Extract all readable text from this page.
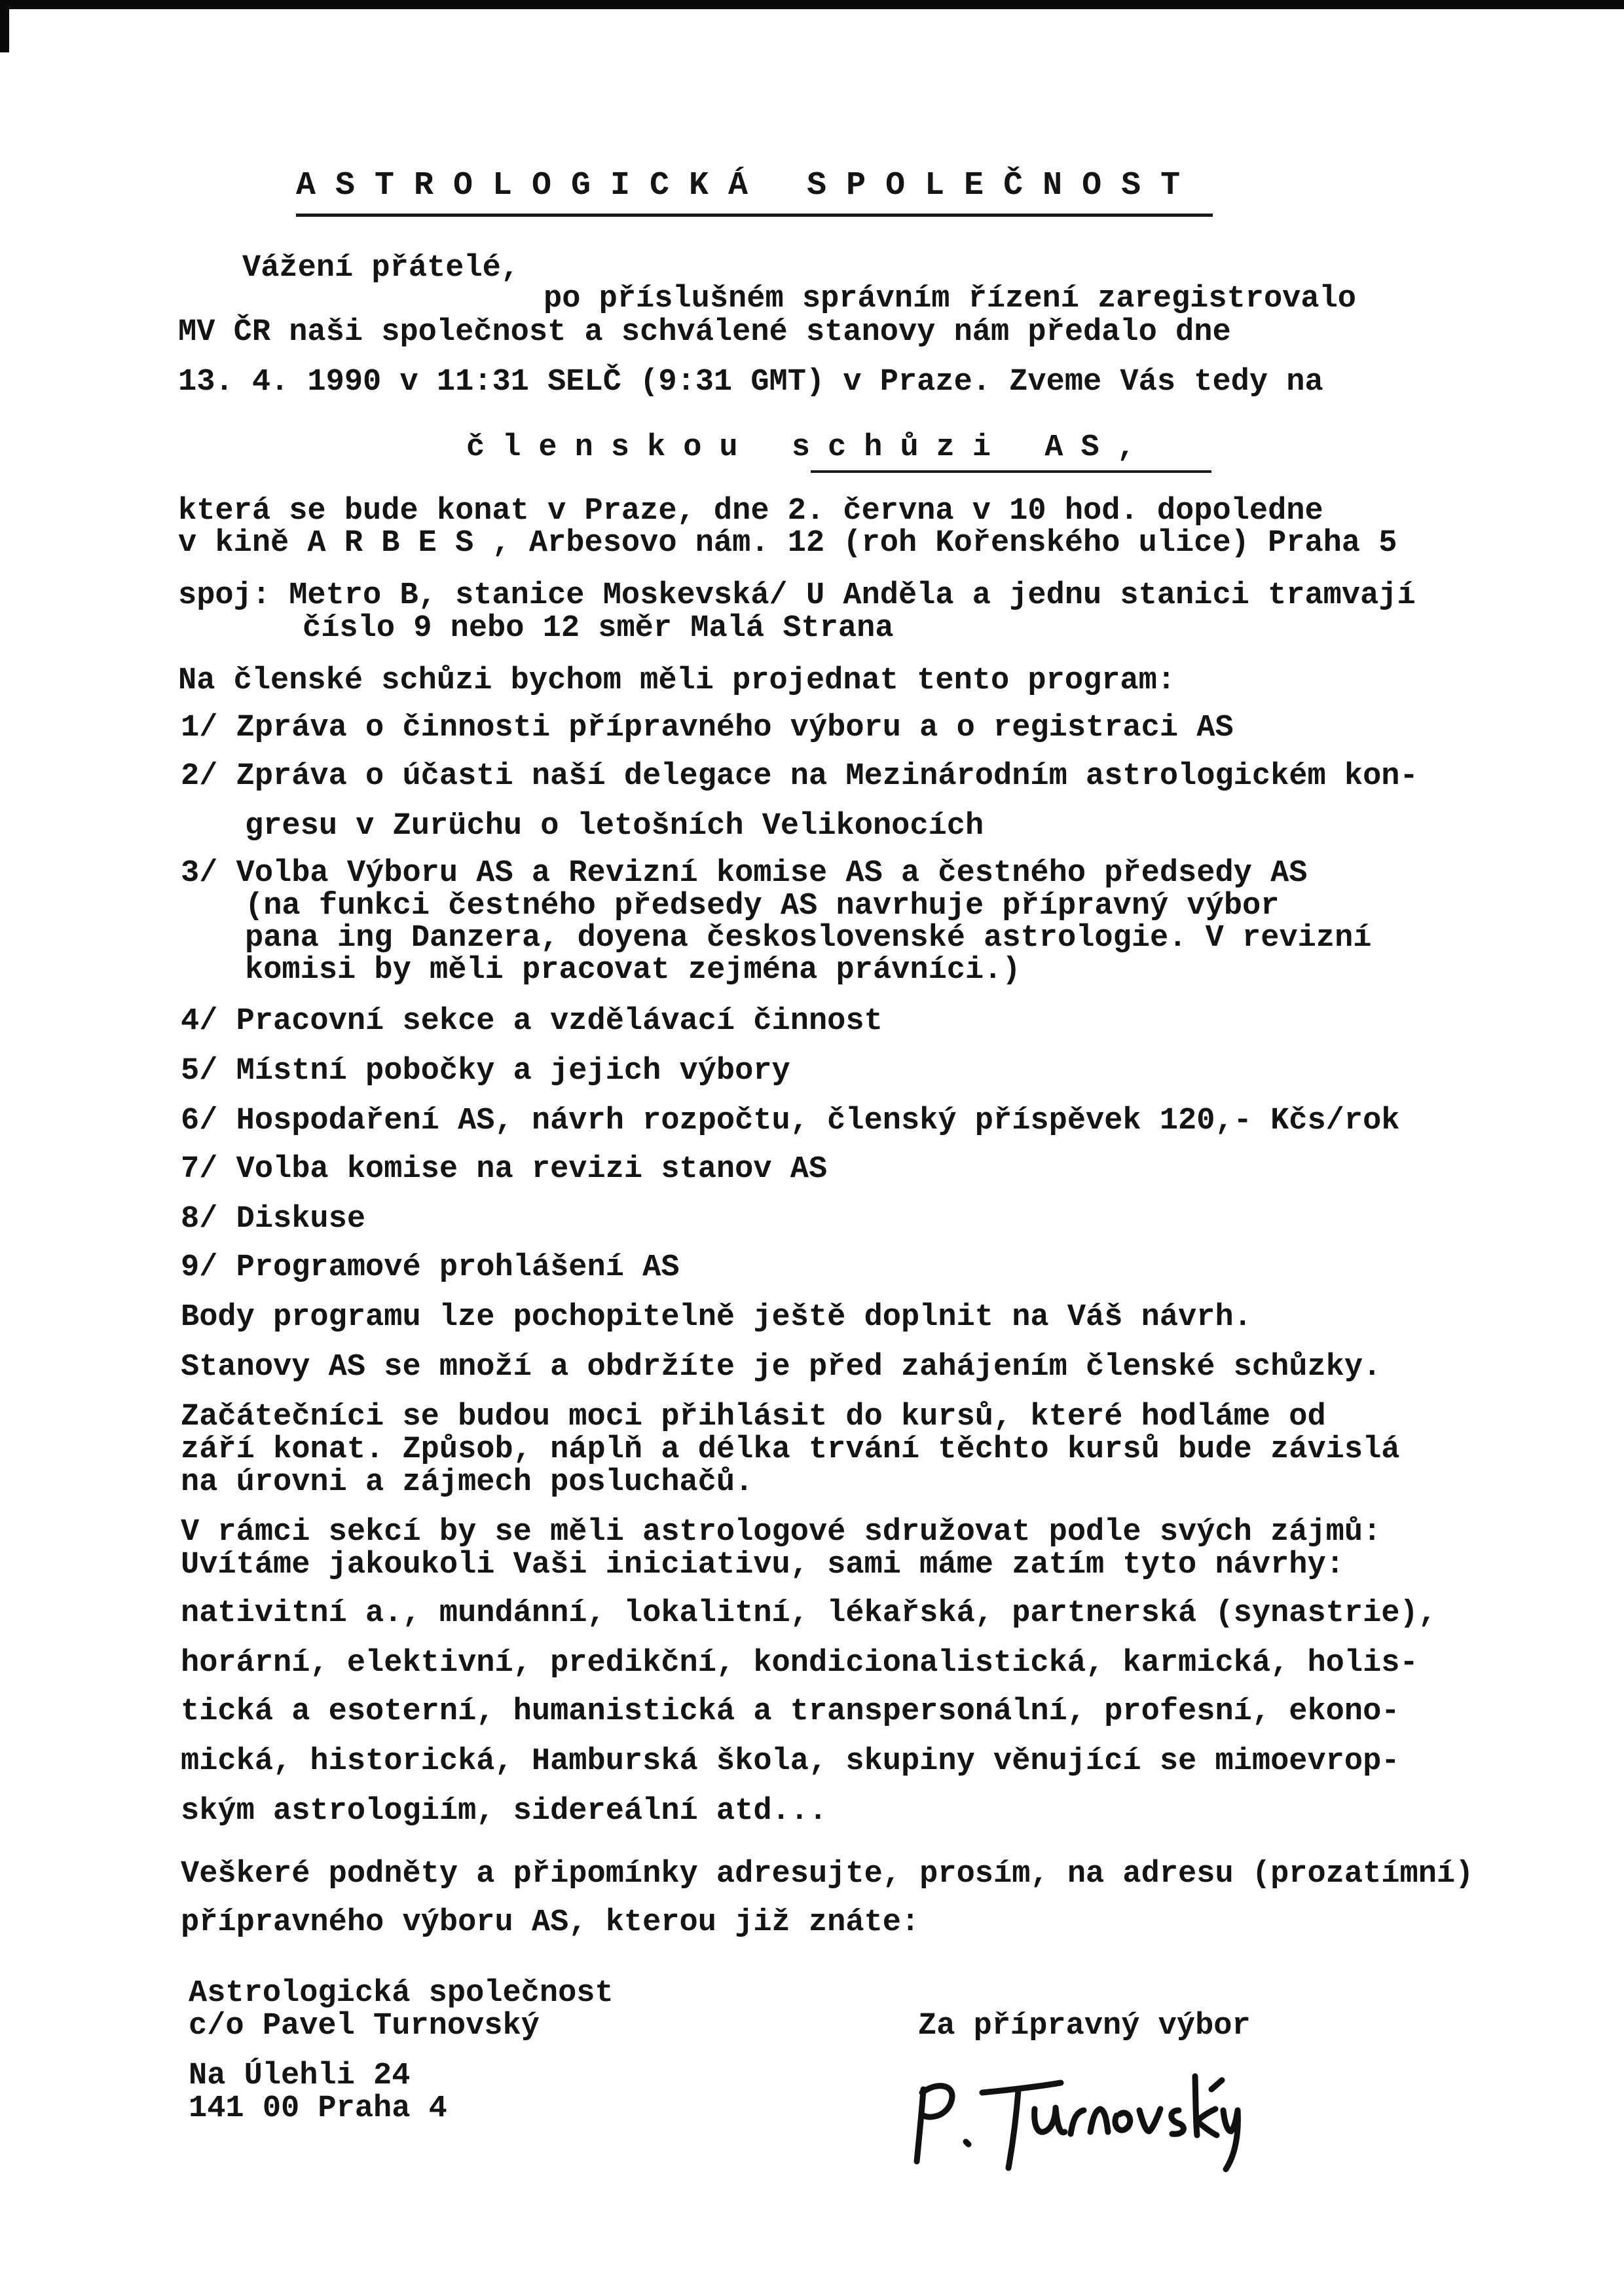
ASTROLOGICKÁ SPOLEČNOST
Vážení přátelé,
po příslušném správním řízení zaregistrovalo
MV ČR naši společnost a schválené stanovy nám předalo dne
13. 4. 1990 v 11:31 SELČ (9:31 GMT) v Praze. Zveme Vás tedy na
členskou schůzi AS,
která se bude konat v Praze, dne 2. června v 10 hod. dopoledne
v kině A R B E S , Arbesovo nám. 12 (roh Kořenského ulice) Praha 5
spoj: Metro B, stanice Moskevská/ U Anděla a jednu stanici tramvají
číslo 9 nebo 12 směr Malá Strana
Na členské schůzi bychom měli projednat tento program:
1/ Zpráva o činnosti přípravného výboru a o registraci AS
2/ Zpráva o účasti naší delegace na Mezinárodním astrologickém kon-
gresu v Zurüchu o letošních Velikonocích
3/ Volba Výboru AS a Revizní komise AS a čestného předsedy AS
(na funkci čestného předsedy AS navrhuje přípravný výbor
pana ing Danzera, doyena československé astrologie. V revizní
komisi by měli pracovat zejména právníci.)
4/ Pracovní sekce a vzdělávací činnost
5/ Místní pobočky a jejich výbory
6/ Hospodaření AS, návrh rozpočtu, členský příspěvek 120,- Kčs/rok
7/ Volba komise na revizi stanov AS
8/ Diskuse
9/ Programové prohlášení AS
Body programu lze pochopitelně ještě doplnit na Váš návrh.
Stanovy AS se množí a obdržíte je před zahájením členské schůzky.
Začátečníci se budou moci přihlásit do kursů, které hodláme od
září konat. Způsob, náplň a délka trvání těchto kursů bude závislá
na úrovni a zájmech posluchačů.
V rámci sekcí by se měli astrologové sdružovat podle svých zájmů:
Uvítáme jakoukoli Vaši iniciativu, sami máme zatím tyto návrhy:
nativitní a., mundánní, lokalitní, lékařská, partnerská (synastrie),
horární, elektivní, predikční, kondicionalistická, karmická, holis-
tická a esoterní, humanistická a transpersonální, profesní, ekono-
mická, historická, Hamburská škola, skupiny věnující se mimoevrop-
ským astrologiím, sidereální atd...
Veškeré podněty a připomínky adresujte, prosím, na adresu (prozatímní)
přípravného výboru AS, kterou již znáte:
Astrologická společnost
c/o Pavel Turnovský
Na Úlehli 24
141 00 Praha 4
Za přípravný výbor
